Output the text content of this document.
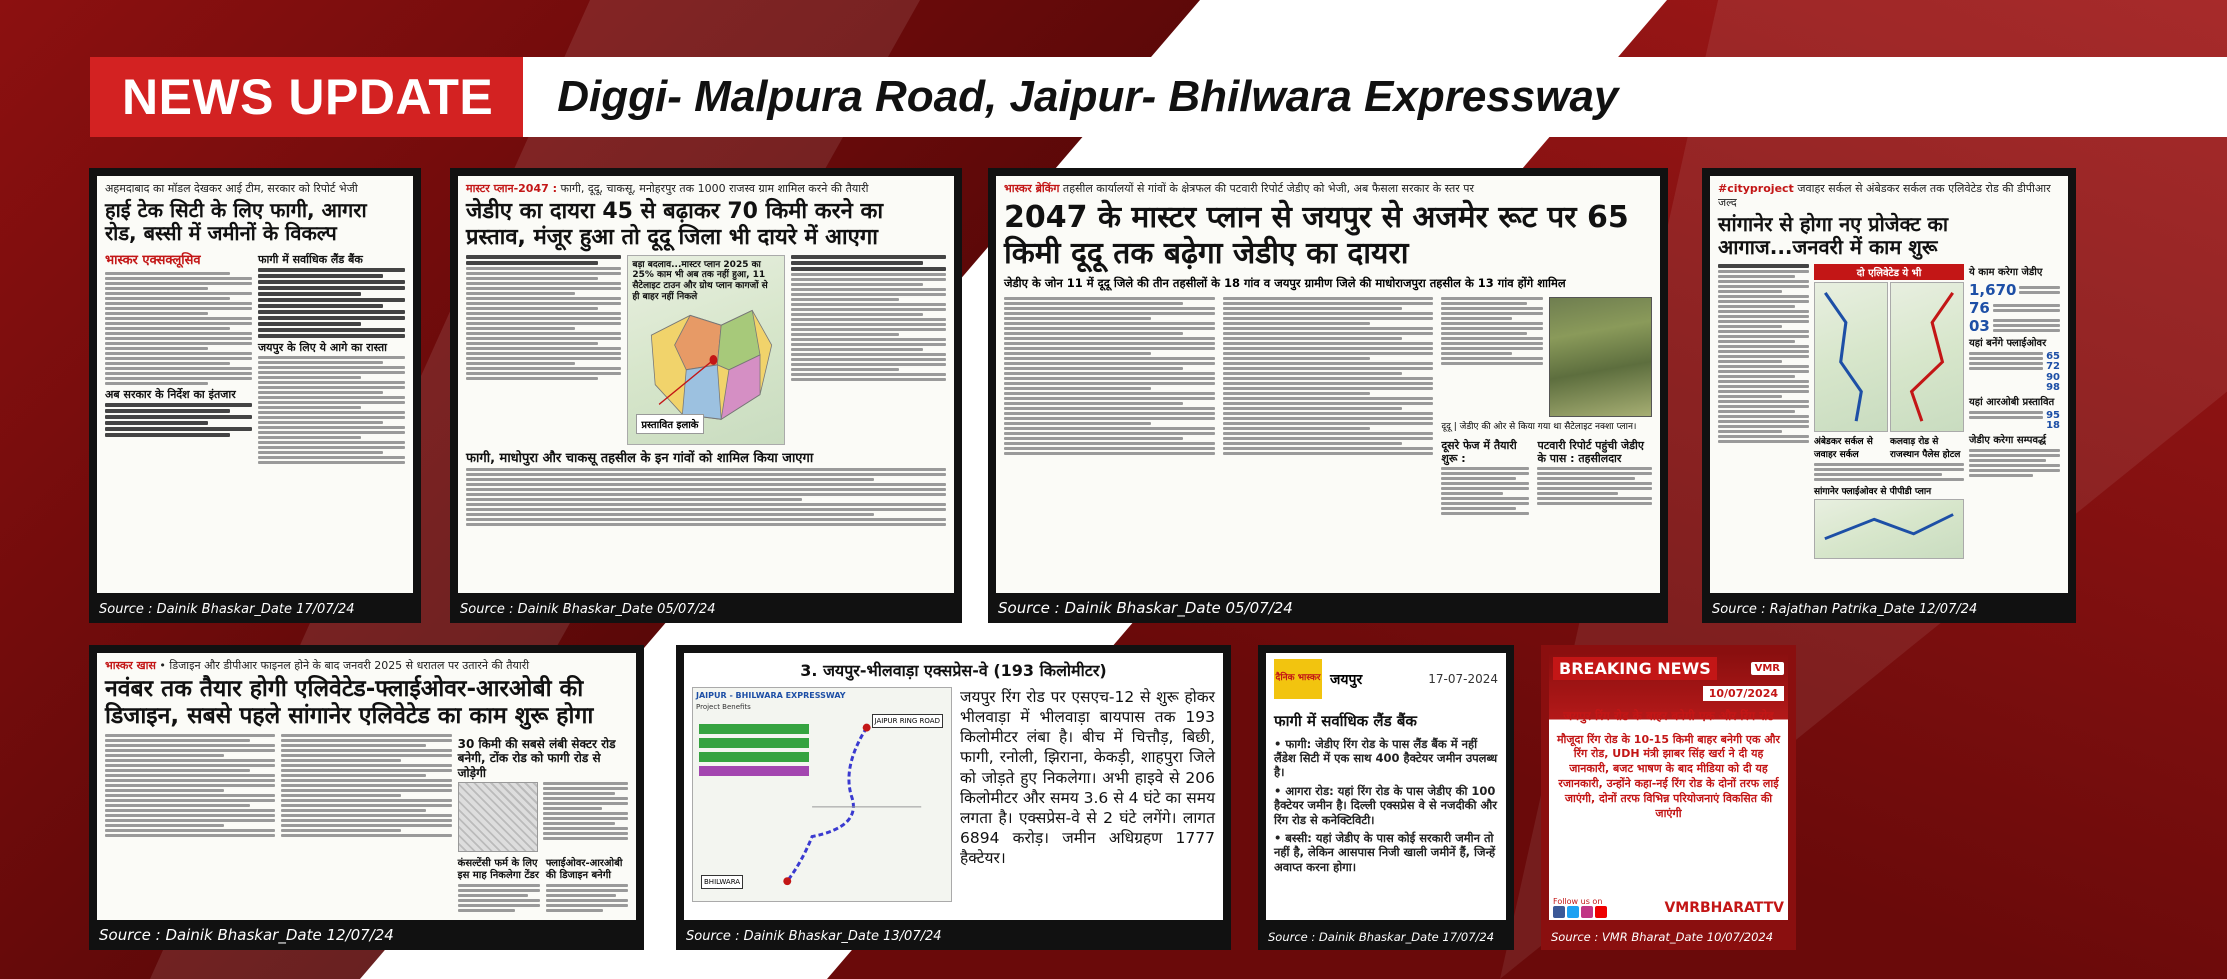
NEWS UPDATE	Diggi- Malpura Road, Jaipur- Bhilwara Expressway
अहमदाबाद का मॉडल देखकर आई टीम, सरकार को रिपोर्ट भेजी
हाई टेक सिटी के लिए फागी, आगरा रोड, बस्सी में जमीनों के विकल्प
भास्कर एक्सक्लूसिव
अब सरकार के निर्देश का इंतजार
फागी में सर्वाधिक लैंड बैंक
जयपुर के लिए ये आगे का रास्ता
Source : Dainik Bhaskar_Date 17/07/24
मास्टर प्लान-2047 : फागी, दूदू, चाकसू, मनोहरपुर तक 1000 राजस्व ग्राम शामिल करने की तैयारी
जेडीए का दायरा 45 से बढ़ाकर 70 किमी करने का प्रस्ताव, मंजूर हुआ तो दूदू जिला भी दायरे में आएगा
बड़ा बदलाव...मास्टर प्लान 2025 का 25% काम भी अब तक नहीं हुआ, 11 सैटेलाइट टाउन और ग्रोथ प्लान कागजों से ही बाहर नहीं निकले
प्रस्तावित इलाके
फागी, माधोपुरा और चाकसू तहसील के इन गांवों को शामिल किया जाएगा
Source : Dainik Bhaskar_Date 05/07/24
भास्कर ब्रेकिंग तहसील कार्यालयों से गांवों के क्षेत्रफल की पटवारी रिपोर्ट जेडीए को भेजी, अब फैसला सरकार के स्तर पर
2047 के मास्टर प्लान से जयपुर से अजमेर रूट पर 65 किमी दूदू तक बढ़ेगा जेडीए का दायरा
जेडीए के जोन 11 में दूदू जिले की तीन तहसीलों के 18 गांव व जयपुर ग्रामीण जिले की माधोराजपुरा तहसील के 13 गांव होंगे शामिल
दूदू | जेडीए की ओर से किया गया था सैटेलाइट नक्शा प्लान।
दूसरे फेज में तैयारी शुरू :
पटवारी रिपोर्ट पहुंची जेडीए के पास : तहसीलदार
Source : Dainik Bhaskar_Date 05/07/24
#cityproject जवाहर सर्कल से अंबेडकर सर्कल तक एलिवेटेड रोड की डीपीआर जल्द
सांगानेर से होगा नए प्रोजेक्ट का आगाज...जनवरी में काम शुरू
दो एलिवेटेड ये भी
अंबेडकर सर्कल से जवाहर सर्कल
कलवाड़ रोड से राजस्थान पैलेस होटल
सांगानेर फ्लाईओवर से पीपीडी प्लान
ये काम करेगा जेडीए
1,670
76
03
यहां बनेंगे फ्लाईओवर
65
72
90
98
यहां आरओबी प्रस्तावित
95
18
जेडीए करेगा सम्पवर्द्ध
Source : Rajathan Patrika_Date 12/07/24
भास्कर खास • डिजाइन और डीपीआर फाइनल होने के बाद जनवरी 2025 से धरातल पर उतारने की तैयारी
नवंबर तक तैयार होगी एलिवेटेड-फ्लाईओवर-आरओबी की डिजाइन, सबसे पहले सांगानेर एलिवेटेड का काम शुरू होगा
30 किमी की सबसे लंबी सेक्टर रोड बनेगी, टोंक रोड को फागी रोड से जोड़ेगी
कंसल्टेंसी फर्म के लिए इस माह निकलेगा टेंडर
फ्लाईओवर-आरओबी की डिजाइन बनेगी
Source : Dainik Bhaskar_Date 12/07/24
3. जयपुर-भीलवाड़ा एक्सप्रेस-वे (193 किलोमीटर)
JAIPUR - BHILWARA EXPRESSWAY
Project Benefits
JAIPUR RING ROAD
BHILWARA
जयपुर रिंग रोड पर एसएच-12 से शुरू होकर भीलवाड़ा में भीलवाड़ा बायपास तक 193 किलोमीटर लंबा है। बीच में चित्तौड़, बिछी, फागी, रनोली, झिराना, केकड़ी, शाहपुरा जिले को जोड़ते हुए निकलेगा। अभी हाइवे से 206 किलोमीटर और समय 3.6 से 4 घंटे का समय लगता है। एक्सप्रेस-वे से 2 घंटे लगेंगे। लागत 6894 करोड़। जमीन अधिग्रहण 1777 हैक्टेयर।
Source : Dainik Bhaskar_Date 13/07/24
दैनिक भास्कर जयपुर	17-07-2024
फागी में सर्वाधिक लैंड बैंक
• फागी: जेडीए रिंग रोड के पास लैंड बैंक में नहीं लैंडेश सिटी में एक साथ 400 हैक्टेयर जमीन उपलब्ध है।
• आगरा रोड: यहां रिंग रोड के पास जेडीए की 100 हैक्टेयर जमीन है। दिल्ली एक्सप्रेस वे से नजदीकी और रिंग रोड से कनेक्टिविटी।
• बस्सी: यहां जेडीए के पास कोई सरकारी जमीन तो नहीं है, लेकिन आसपास निजी खाली जमीनें हैं, जिन्हें अवाप्त करना होगा।
Source : Dainik Bhaskar_Date 17/07/24
BREAKING NEWS	VMR
10/07/2024
जयपुर रिंग रोड के बाहर बनेगी एक और रिंग रोड
मौजूदा रिंग रोड के 10-15 किमी बाहर बनेगी एक और रिंग रोड, UDH मंत्री झाबर सिंह खर्रा ने दी यह जानकारी, बजट भाषण के बाद मीडिया को दी यह रजानकारी, उन्होंने कहा-नई रिंग रोड के दोनों तरफ लाई जाएंगी, दोनों तरफ विभिन्न परियोजनाएं विकसित की जाएंगी
Follow us on	VMRBHARATTV
Source : VMR Bharat_Date 10/07/2024
